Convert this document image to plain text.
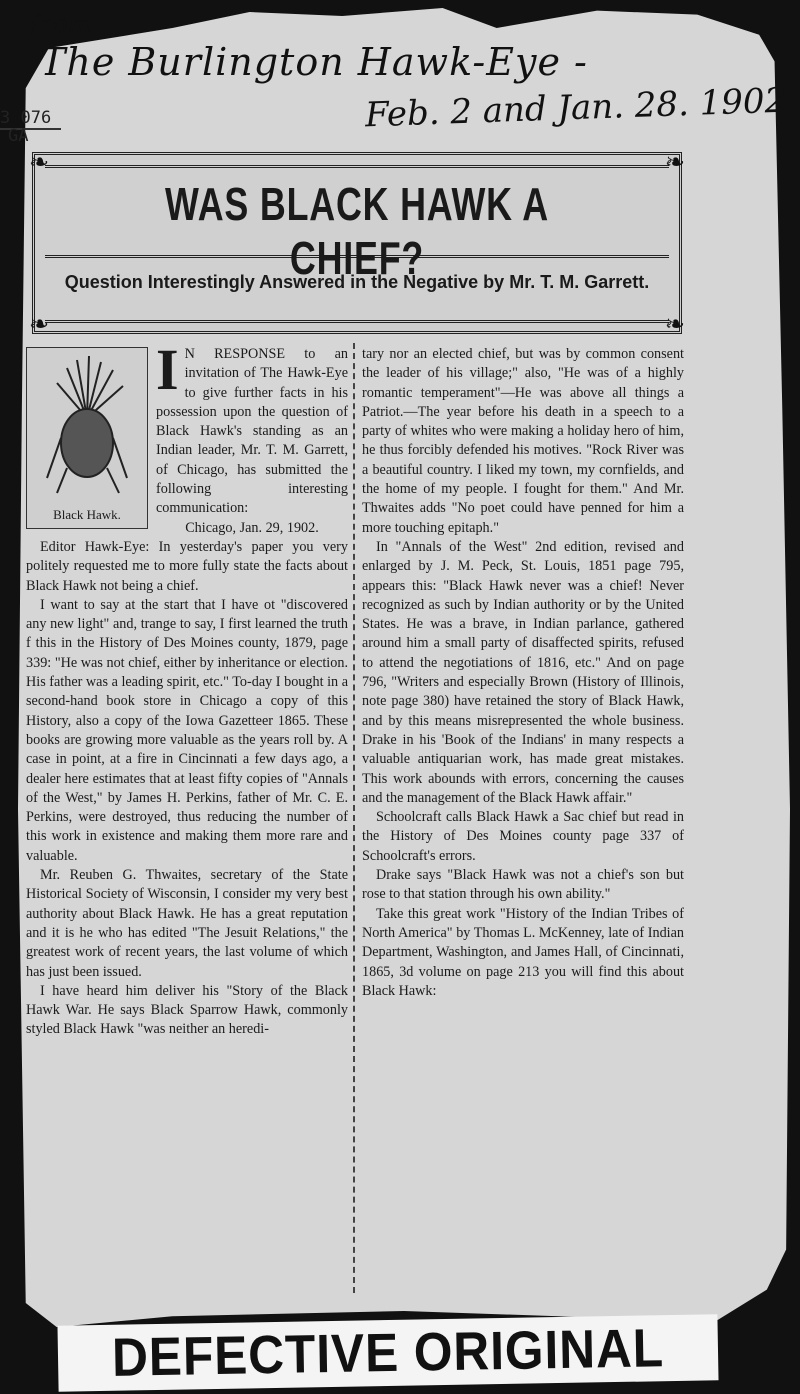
from -
The Burlington Hawk-Eye -
Feb. 2 and Jan. 28. 1902
3 076
GA
❧	❧
❧	❧
WAS BLACK HAWK A CHIEF?
Question Interestingly Answered in the Negative by Mr. T. M. Garrett.
Black Hawk.

I N RESPONSE to an invitation of The Hawk-Eye to give further facts in his possession upon the question of Black Hawk's standing as an Indian leader, Mr. T. M. Garrett, of Chicago, has submitted the following interesting communication:

Chicago, Jan. 29, 1902.

Editor Hawk-Eye: In yesterday's paper you very politely requested me to more fully state the facts about Black Hawk not being a chief.

I want to say at the start that I have ot "discovered any new light" and, trange to say, I first learned the truth f this in the History of Des Moines county, 1879, page 339: "He was not chief, either by inheritance or election. His father was a leading spirit, etc." To-day I bought in a second-hand book store in Chicago a copy of this History, also a copy of the Iowa Gazetteer 1865. These books are growing more valuable as the years roll by. A case in point, at a fire in Cincinnati a few days ago, a dealer here estimates that at least fifty copies of "Annals of the West," by James H. Perkins, father of Mr. C. E. Perkins, were destroyed, thus reducing the number of this work in existence and making them more rare and valuable.

Mr. Reuben G. Thwaites, secretary of the State Historical Society of Wisconsin, I consider my very best authority about Black Hawk. He has a great reputation and it is he who has edited "The Jesuit Relations," the greatest work of recent years, the last volume of which has just been issued.

I have heard him deliver his "Story of the Black Hawk War. He says Black Sparrow Hawk, commonly styled Black Hawk "was neither an heredi-

tary nor an elected chief, but was by common consent the leader of his village;" also, "He was of a highly romantic temperament"—He was above all things a Patriot.—The year before his death in a speech to a party of whites who were making a holiday hero of him, he thus forcibly defended his motives. "Rock River was a beautiful country. I liked my town, my cornfields, and the home of my people. I fought for them." And Mr. Thwaites adds "No poet could have penned for him a more touching epitaph."

In "Annals of the West" 2nd edition, revised and enlarged by J. M. Peck, St. Louis, 1851 page 795, appears this: "Black Hawk never was a chief! Never recognized as such by Indian authority or by the United States. He was a brave, in Indian parlance, gathered around him a small party of disaffected spirits, refused to attend the negotiations of 1816, etc." And on page 796, "Writers and especially Brown (History of Illinois, note page 380) have retained the story of Black Hawk, and by this means misrepresented the whole business. Drake in his 'Book of the Indians' in many respects a valuable antiquarian work, has made great mistakes. This work abounds with errors, concerning the causes and the management of the Black Hawk affair."

Schoolcraft calls Black Hawk a Sac chief but read in the History of Des Moines county page 337 of Schoolcraft's errors.

Drake says "Black Hawk was not a chief's son but rose to that station through his own ability."

Take this great work "History of the Indian Tribes of North America" by Thomas L. McKenney, late of Indian Department, Washington, and James Hall, of Cincinnati, 1865, 3d volume on page 213 you will find this about Black Hawk:

DEFECTIVE ORIGINAL
